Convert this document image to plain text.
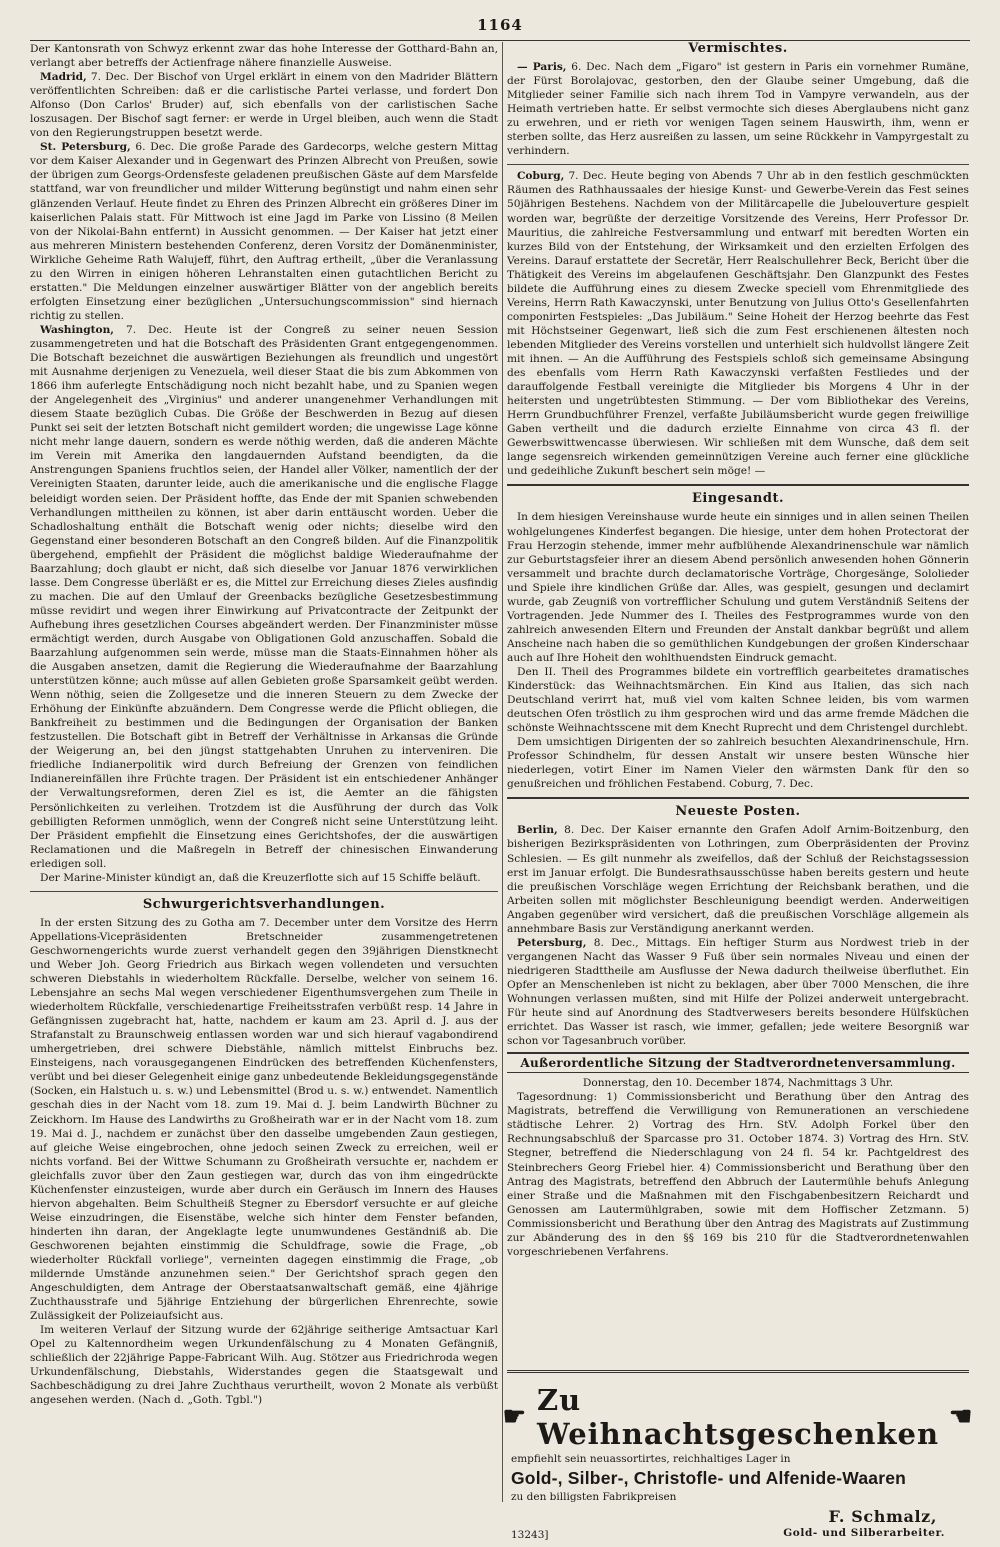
1164

Der Kantonsrath von Schwyz erkennt zwar das hohe Interesse der Gotthard-Bahn an, verlangt aber betreffs der Actienfrage nähere finanzielle Ausweise.

Madrid, 7. Dec. Der Bischof von Urgel erklärt in einem von den Madrider Blättern veröffentlichten Schreiben: daß er die carlistische Partei verlasse, und fordert Don Alfonso (Don Carlos' Bruder) auf, sich ebenfalls von der carlistischen Sache loszusagen. Der Bischof sagt ferner: er werde in Urgel bleiben, auch wenn die Stadt von den Regierungstruppen besetzt werde.

St. Petersburg, 6. Dec. Die große Parade des Gardecorps, welche gestern Mittag vor dem Kaiser Alexander und in Gegenwart des Prinzen Albrecht von Preußen, sowie der übrigen zum Georgs-Ordensfeste geladenen preußischen Gäste auf dem Marsfelde stattfand, war von freundlicher und milder Witterung begünstigt und nahm einen sehr glänzenden Verlauf. Heute findet zu Ehren des Prinzen Albrecht ein größeres Diner im kaiserlichen Palais statt. Für Mittwoch ist eine Jagd im Parke von Lissino (8 Meilen von der Nikolai-Bahn entfernt) in Aussicht genommen. — Der Kaiser hat jetzt einer aus mehreren Ministern bestehenden Conferenz, deren Vorsitz der Domänenminister, Wirkliche Geheime Rath Walujeff, führt, den Auftrag ertheilt, „über die Veranlassung zu den Wirren in einigen höheren Lehranstalten einen gutachtlichen Bericht zu erstatten." Die Meldungen einzelner auswärtiger Blätter von der angeblich bereits erfolgten Einsetzung einer bezüglichen „Untersuchungscommission" sind hiernach richtig zu stellen.

Washington, 7. Dec. Heute ist der Congreß zu seiner neuen Session zusammengetreten und hat die Botschaft des Präsidenten Grant entgegengenommen. Die Botschaft bezeichnet die auswärtigen Beziehungen als freundlich und ungestört mit Ausnahme derjenigen zu Venezuela, weil dieser Staat die bis zum Abkommen von 1866 ihm auferlegte Entschädigung noch nicht bezahlt habe, und zu Spanien wegen der Angelegenheit des „Virginius" und anderer unangenehmer Verhandlungen mit diesem Staate bezüglich Cubas. Die Größe der Beschwerden in Bezug auf diesen Punkt sei seit der letzten Botschaft nicht gemildert worden; die ungewisse Lage könne nicht mehr lange dauern, sondern es werde nöthig werden, daß die anderen Mächte im Verein mit Amerika den langdauernden Aufstand beendigten, da die Anstrengungen Spaniens fruchtlos seien, der Handel aller Völker, namentlich der der Vereinigten Staaten, darunter leide, auch die amerikanische und die englische Flagge beleidigt worden seien. Der Präsident hoffte, das Ende der mit Spanien schwebenden Verhandlungen mittheilen zu können, ist aber darin enttäuscht worden. Ueber die Schadloshaltung enthält die Botschaft wenig oder nichts; dieselbe wird den Gegenstand einer besonderen Botschaft an den Congreß bilden. Auf die Finanzpolitik übergehend, empfiehlt der Präsident die möglichst baldige Wiederaufnahme der Baarzahlung; doch glaubt er nicht, daß sich dieselbe vor Januar 1876 verwirklichen lasse. Dem Congresse überläßt er es, die Mittel zur Erreichung dieses Zieles ausfindig zu machen. Die auf den Umlauf der Greenbacks bezügliche Gesetzesbestimmung müsse revidirt und wegen ihrer Einwirkung auf Privatcontracte der Zeitpunkt der Aufhebung ihres gesetzlichen Courses abgeändert werden. Der Finanzminister müsse ermächtigt werden, durch Ausgabe von Obligationen Gold anzuschaffen. Sobald die Baarzahlung aufgenommen sein werde, müsse man die Staats-Einnahmen höher als die Ausgaben ansetzen, damit die Regierung die Wiederaufnahme der Baarzahlung unterstützen könne; auch müsse auf allen Gebieten große Sparsamkeit geübt werden. Wenn nöthig, seien die Zollgesetze und die inneren Steuern zu dem Zwecke der Erhöhung der Einkünfte abzuändern. Dem Congresse werde die Pflicht obliegen, die Bankfreiheit zu bestimmen und die Bedingungen der Organisation der Banken festzustellen. Die Botschaft gibt in Betreff der Verhältnisse in Arkansas die Gründe der Weigerung an, bei den jüngst stattgehabten Unruhen zu interveniren. Die friedliche Indianerpolitik wird durch Befreiung der Grenzen von feindlichen Indianereinfällen ihre Früchte tragen. Der Präsident ist ein entschiedener Anhänger der Verwaltungsreformen, deren Ziel es ist, die Aemter an die fähigsten Persönlichkeiten zu verleihen. Trotzdem ist die Ausführung der durch das Volk gebilligten Reformen unmöglich, wenn der Congreß nicht seine Unterstützung leiht. Der Präsident empfiehlt die Einsetzung eines Gerichtshofes, der die auswärtigen Reclamationen und die Maßregeln in Betreff der chinesischen Einwanderung erledigen soll.

Der Marine-Minister kündigt an, daß die Kreuzerflotte sich auf 15 Schiffe beläuft.

Schwurgerichtsverhandlungen.

In der ersten Sitzung des zu Gotha am 7. December unter dem Vorsitze des Herrn Appellations-Vicepräsidenten Bretschneider zusammengetretenen Geschwornengerichts wurde zuerst verhandelt gegen den 39jährigen Dienstknecht und Weber Joh. Georg Friedrich aus Birkach wegen vollendeten und versuchten schweren Diebstahls in wiederholtem Rückfalle. Derselbe, welcher von seinem 16. Lebensjahre an sechs Mal wegen verschiedener Eigenthumsvergehen zum Theile in wiederholtem Rückfalle, verschiedenartige Freiheitsstrafen verbüßt resp. 14 Jahre in Gefängnissen zugebracht hat, hatte, nachdem er kaum am 23. April d. J. aus der Strafanstalt zu Braunschweig entlassen worden war und sich hierauf vagabondirend umhergetrieben, drei schwere Diebstähle, nämlich mittelst Einbruchs bez. Einsteigens, nach vorausgegangenen Eindrücken des betreffenden Küchenfensters, verübt und bei dieser Gelegenheit einige ganz unbedeutende Bekleidungsgegenstände (Socken, ein Halstuch u. s. w.) und Lebensmittel (Brod u. s. w.) entwendet. Namentlich geschah dies in der Nacht vom 18. zum 19. Mai d. J. beim Landwirth Büchner zu Zeickhorn. Im Hause des Landwirths zu Großheirath war er in der Nacht vom 18. zum 19. Mai d. J., nachdem er zunächst über den dasselbe umgebenden Zaun gestiegen, auf gleiche Weise eingebrochen, ohne jedoch seinen Zweck zu erreichen, weil er nichts vorfand. Bei der Wittwe Schumann zu Großheirath versuchte er, nachdem er gleichfalls zuvor über den Zaun gestiegen war, durch das von ihm eingedrückte Küchenfenster einzusteigen, wurde aber durch ein Geräusch im Innern des Hauses hiervon abgehalten. Beim Schultheiß Stegner zu Ebersdorf versuchte er auf gleiche Weise einzudringen, die Eisenstäbe, welche sich hinter dem Fenster befanden, hinderten ihn daran, der Angeklagte legte unumwundenes Geständniß ab. Die Geschworenen bejahten einstimmig die Schuldfrage, sowie die Frage, „ob wiederholter Rückfall vorliege", verneinten dagegen einstimmig die Frage, „ob mildernde Umstände anzunehmen seien." Der Gerichtshof sprach gegen den Angeschuldigten, dem Antrage der Oberstaatsanwaltschaft gemäß, eine 4jährige Zuchthausstrafe und 5jährige Entziehung der bürgerlichen Ehrenrechte, sowie Zulässigkeit der Polizeiaufsicht aus.

Im weiteren Verlauf der Sitzung wurde der 62jährige seitherige Amtsactuar Karl Opel zu Kaltennordheim wegen Urkundenfälschung zu 4 Monaten Gefängniß, schließlich der 22jährige Pappe-Fabricant Wilh. Aug. Stötzer aus Friedrichroda wegen Urkundenfälschung, Diebstahls, Widerstandes gegen die Staatsgewalt und Sachbeschädigung zu drei Jahre Zuchthaus verurtheilt, wovon 2 Monate als verbüßt angesehen werden. (Nach d. „Goth. Tgbl.")

Vermischtes.

— Paris, 6. Dec. Nach dem „Figaro" ist gestern in Paris ein vornehmer Rumäne, der Fürst Borolajovac, gestorben, den der Glaube seiner Umgebung, daß die Mitglieder seiner Familie sich nach ihrem Tod in Vampyre verwandeln, aus der Heimath vertrieben hatte. Er selbst vermochte sich dieses Aberglaubens nicht ganz zu erwehren, und er rieth vor wenigen Tagen seinem Hauswirth, ihm, wenn er sterben sollte, das Herz ausreißen zu lassen, um seine Rückkehr in Vampyrgestalt zu verhindern.

Coburg, 7. Dec. Heute beging von Abends 7 Uhr ab in den festlich geschmückten Räumen des Rathhaussaales der hiesige Kunst- und Gewerbe-Verein das Fest seines 50jährigen Bestehens. Nachdem von der Militärcapelle die Jubelouverture gespielt worden war, begrüßte der derzeitige Vorsitzende des Vereins, Herr Professor Dr. Mauritius, die zahlreiche Festversammlung und entwarf mit beredten Worten ein kurzes Bild von der Entstehung, der Wirksamkeit und den erzielten Erfolgen des Vereins. Darauf erstattete der Secretär, Herr Realschullehrer Beck, Bericht über die Thätigkeit des Vereins im abgelaufenen Geschäftsjahr. Den Glanzpunkt des Festes bildete die Aufführung eines zu diesem Zwecke speciell vom Ehrenmitgliede des Vereins, Herrn Rath Kawaczynski, unter Benutzung von Julius Otto's Gesellenfahrten componirten Festspieles: „Das Jubiläum." Seine Hoheit der Herzog beehrte das Fest mit Höchstseiner Gegenwart, ließ sich die zum Fest erschienenen ältesten noch lebenden Mitglieder des Vereins vorstellen und unterhielt sich huldvollst längere Zeit mit ihnen. — An die Aufführung des Festspiels schloß sich gemeinsame Absingung des ebenfalls vom Herrn Rath Kawaczynski verfaßten Festliedes und der darauffolgende Festball vereinigte die Mitglieder bis Morgens 4 Uhr in der heitersten und ungetrübtesten Stimmung. — Der vom Bibliothekar des Vereins, Herrn Grundbuchführer Frenzel, verfaßte Jubiläumsbericht wurde gegen freiwillige Gaben vertheilt und die dadurch erzielte Einnahme von circa 43 fl. der Gewerbswittwencasse überwiesen. Wir schließen mit dem Wunsche, daß dem seit lange segensreich wirkenden gemeinnützigen Vereine auch ferner eine glückliche und gedeihliche Zukunft beschert sein möge! —

Eingesandt.

In dem hiesigen Vereinshause wurde heute ein sinniges und in allen seinen Theilen wohlgelungenes Kinderfest begangen. Die hiesige, unter dem hohen Protectorat der Frau Herzogin stehende, immer mehr aufblühende Alexandrinenschule war nämlich zur Geburtstagsfeier ihrer an diesem Abend persönlich anwesenden hohen Gönnerin versammelt und brachte durch declamatorische Vorträge, Chorgesänge, Sololieder und Spiele ihre kindlichen Grüße dar. Alles, was gespielt, gesungen und declamirt wurde, gab Zeugniß von vortrefflicher Schulung und gutem Verständniß Seitens der Vortragenden. Jede Nummer des I. Theiles des Festprogrammes wurde von den zahlreich anwesenden Eltern und Freunden der Anstalt dankbar begrüßt und allem Anscheine nach haben die so gemüthlichen Kundgebungen der großen Kinderschaar auch auf Ihre Hoheit den wohlthuendsten Eindruck gemacht.

Den II. Theil des Programmes bildete ein vortrefflich gearbeitetes dramatisches Kinderstück: das Weihnachtsmärchen. Ein Kind aus Italien, das sich nach Deutschland verirrt hat, muß viel vom kalten Schnee leiden, bis vom warmen deutschen Ofen tröstlich zu ihm gesprochen wird und das arme fremde Mädchen die schönste Weihnachtsscene mit dem Knecht Ruprecht und dem Christengel durchlebt.

Dem umsichtigen Dirigenten der so zahlreich besuchten Alexandrinenschule, Hrn. Professor Schindhelm, für dessen Anstalt wir unsere besten Wünsche hier niederlegen, votirt Einer im Namen Vieler den wärmsten Dank für den so genußreichen und fröhlichen Festabend. Coburg, 7. Dec.

Neueste Posten.

Berlin, 8. Dec. Der Kaiser ernannte den Grafen Adolf Arnim-Boitzenburg, den bisherigen Bezirkspräsidenten von Lothringen, zum Oberpräsidenten der Provinz Schlesien. — Es gilt nunmehr als zweifellos, daß der Schluß der Reichstagssession erst im Januar erfolgt. Die Bundesrathsausschüsse haben bereits gestern und heute die preußischen Vorschläge wegen Errichtung der Reichsbank berathen, und die Arbeiten sollen mit möglichster Beschleunigung beendigt werden. Anderweitigen Angaben gegenüber wird versichert, daß die preußischen Vorschläge allgemein als annehmbare Basis zur Verständigung anerkannt werden.

Petersburg, 8. Dec., Mittags. Ein heftiger Sturm aus Nordwest trieb in der vergangenen Nacht das Wasser 9 Fuß über sein normales Niveau und einen der niedrigeren Stadttheile am Ausflusse der Newa dadurch theilweise überfluthet. Ein Opfer an Menschenleben ist nicht zu beklagen, aber über 7000 Menschen, die ihre Wohnungen verlassen mußten, sind mit Hilfe der Polizei anderweit untergebracht. Für heute sind auf Anordnung des Stadtverwesers bereits besondere Hülfsküchen errichtet. Das Wasser ist rasch, wie immer, gefallen; jede weitere Besorgniß war schon vor Tagesanbruch vorüber.

Außerordentliche Sitzung der Stadtverordnetenversammlung.

Donnerstag, den 10. December 1874, Nachmittags 3 Uhr.

Tagesordnung: 1) Commissionsbericht und Berathung über den Antrag des Magistrats, betreffend die Verwilligung von Remunerationen an verschiedene städtische Lehrer. 2) Vortrag des Hrn. StV. Adolph Forkel über den Rechnungsabschluß der Sparcasse pro 31. October 1874. 3) Vortrag des Hrn. StV. Stegner, betreffend die Niederschlagung von 24 fl. 54 kr. Pachtgeldrest des Steinbrechers Georg Friebel hier. 4) Commissionsbericht und Berathung über den Antrag des Magistrats, betreffend den Abbruch der Lautermühle behufs Anlegung einer Straße und die Maßnahmen mit den Fischgabenbesitzern Reichardt und Genossen am Lautermühlgraben, sowie mit dem Hoffischer Zetzmann. 5) Commissionsbericht und Berathung über den Antrag des Magistrats auf Zustimmung zur Abänderung des in den §§ 169 bis 210 für die Stadtverordnetenwahlen vorgeschriebenen Verfahrens.

☛ Zu Weihnachtsgeschenken ☚
empfiehlt sein neuassortirtes, reichhaltiges Lager in
Gold-, Silber-, Christofle- und Alfenide-Waaren
zu den billigsten Fabrikpreisen
13243]
F. Schmalz,
Gold- und Silberarbeiter.
